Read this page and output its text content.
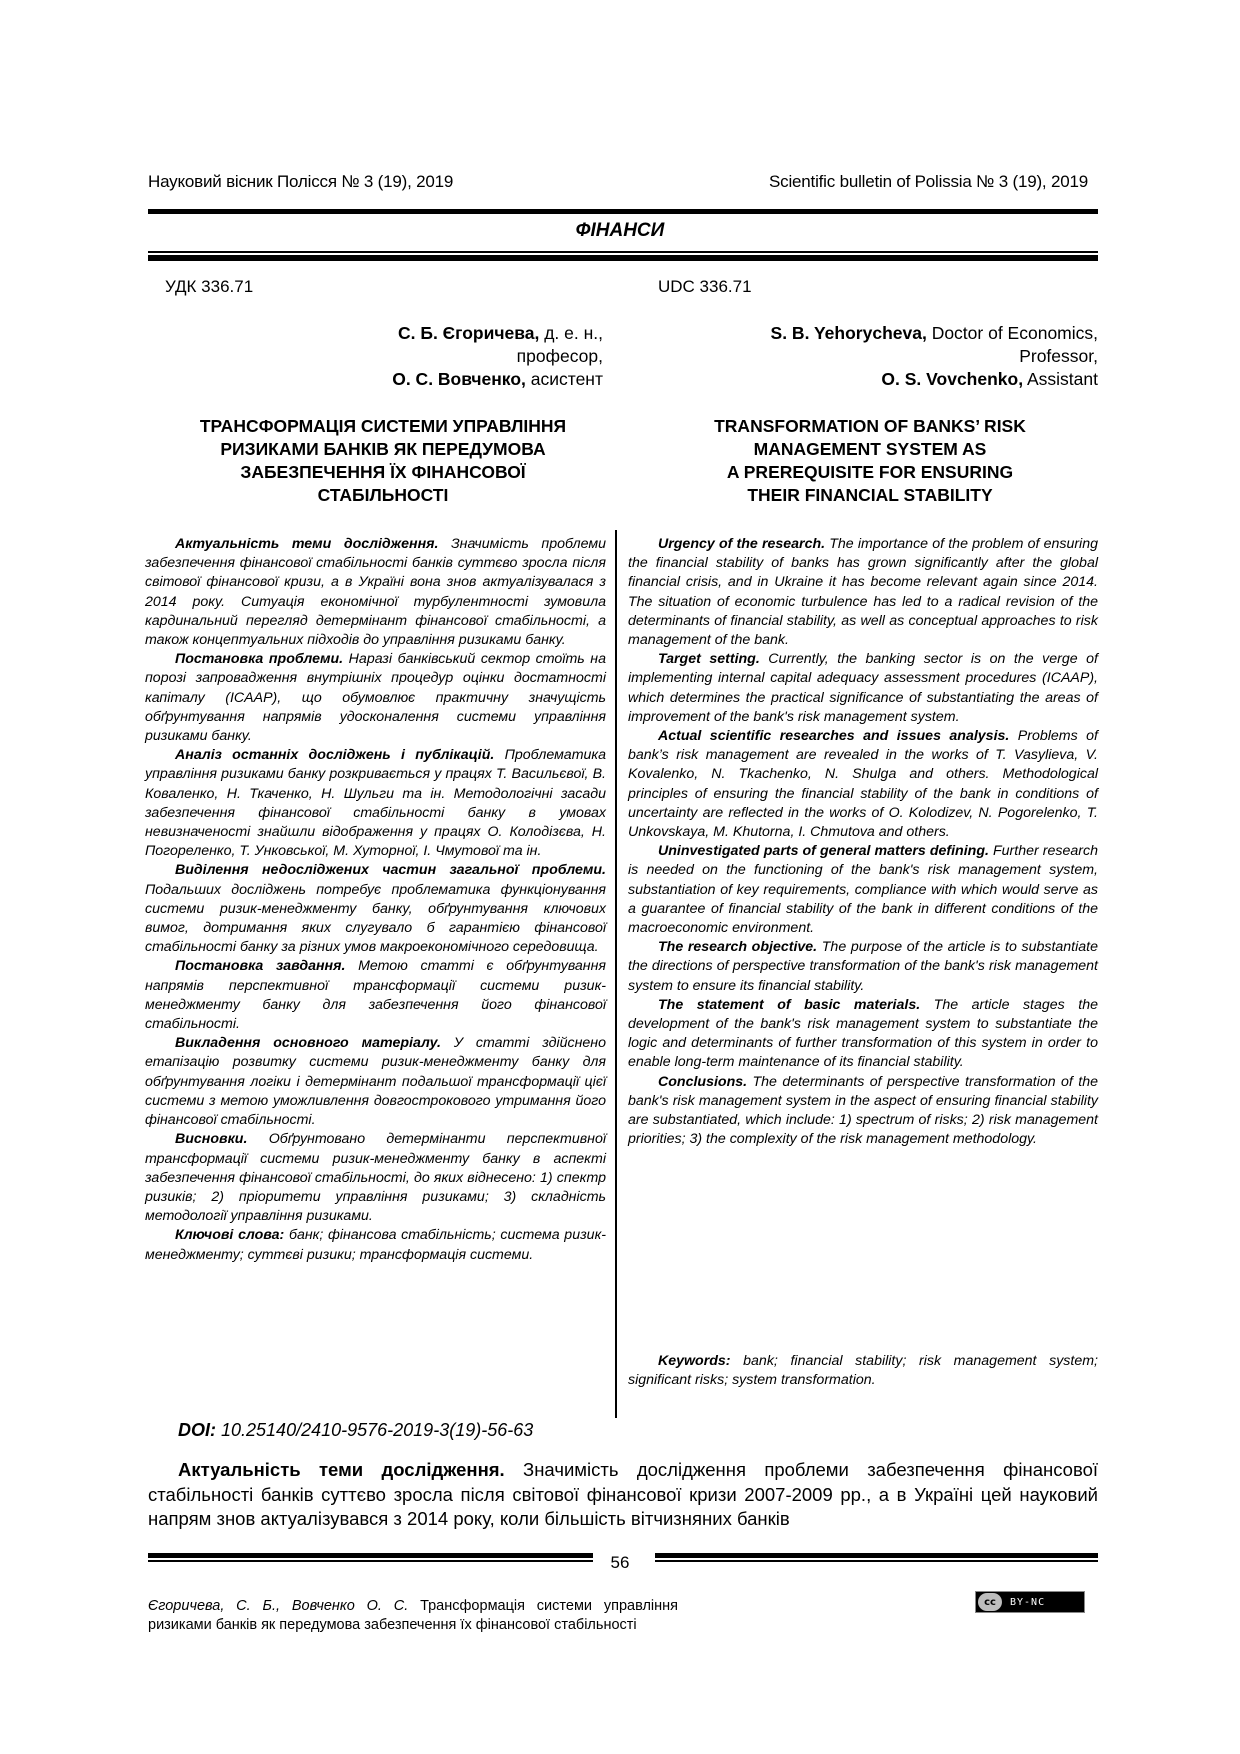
Науковий вісник Полісся № 3 (19), 2019	Scientific bulletin of Polissia № 3 (19), 2019
ФІНАНСИ
УДК 336.71
С. Б. Єгоричева, д. е. н.,
професор,
О. С. Вовченко, асистент
ТРАНСФОРМАЦІЯ СИСТЕМИ УПРАВЛІННЯ
РИЗИКАМИ БАНКІВ ЯК ПЕРЕДУМОВА
ЗАБЕЗПЕЧЕННЯ ЇХ ФІНАНСОВОЇ
СТАБІЛЬНОСТІ
UDC 336.71
S. B. Yehorycheva, Doctor of Economics,
Professor,
O. S. Vovchenko, Assistant
TRANSFORMATION OF BANKS’ RISK
MANAGEMENT SYSTEM AS
A PREREQUISITE FOR ENSURING
THEIR FINANCIAL STABILITY

Актуальність теми дослідження. Значимість проблеми забезпечення фінансової стабільності банків суттєво зросла після світової фінансової кризи, а в Україні вона знов актуалізувалася з 2014 року. Ситуація економічної турбулентності зумовила кардинальний перегляд детермінант фінансової стабільності, а також концептуальних підходів до управління ризиками банку.

Постановка проблеми. Наразі банківський сектор стоїть на порозі запровадження внутрішніх процедур оцінки достатності капіталу (ICAAP), що обумовлює практичну значущість обґрунтування напрямів удосконалення системи управління ризиками банку.

Аналіз останніх досліджень і публікацій. Проблематика управління ризиками банку розкривається у працях Т. Васильєвої, В. Коваленко, Н. Ткаченко, Н. Шульги та ін. Методологічні засади забезпечення фінансової стабільності банку в умовах невизначеності знайшли відображення у працях О. Колодізєва, Н. Погореленко, Т. Унковської, М. Хуторної, І. Чмутової та ін.

Виділення недосліджених частин загальної проблеми. Подальших досліджень потребує проблематика функціонування системи ризик-менеджменту банку, обґрунтування ключових вимог, дотримання яких слугувало б гарантією фінансової стабільності банку за різних умов макроекономічного середовища.

Постановка завдання. Метою статті є обґрунтування напрямів перспективної трансформації системи ризик-менеджменту банку для забезпечення його фінансової стабільності.

Викладення основного матеріалу. У статті здійснено етапізацію розвитку системи ризик-менеджменту банку для обґрунтування логіки і детермінант подальшої трансформації цієї системи з метою уможливлення довгострокового утримання його фінансової стабільності.

Висновки. Обґрунтовано детермінанти перспективної трансформації системи ризик-менеджменту банку в аспекті забезпечення фінансової стабільності, до яких віднесено: 1) спектр ризиків; 2) пріоритети управління ризиками; 3) складність методології управління ризиками.

Ключові слова: банк; фінансова стабільність; система ризик-менеджменту; суттєві ризики; трансформація системи.

Urgency of the research. The importance of the problem of ensuring the financial stability of banks has grown significantly after the global financial crisis, and in Ukraine it has become relevant again since 2014. The situation of economic turbulence has led to a radical revision of the determinants of financial stability, as well as conceptual approaches to risk management of the bank.

Target setting. Currently, the banking sector is on the verge of implementing internal capital adequacy assessment procedures (ICAAP), which determines the practical significance of substantiating the areas of improvement of the bank's risk management system.

Actual scientific researches and issues analysis. Problems of bank’s risk management are revealed in the works of T. Vasylieva, V. Kovalenko, N. Tkachenko, N. Shulga and others. Methodological principles of ensuring the financial stability of the bank in conditions of uncertainty are reflected in the works of O. Kolodizev, N. Pogorelenko, T. Unkovskaya, M. Khutorna, I. Chmutova and others.

Uninvestigated parts of general matters defining. Further research is needed on the functioning of the bank's risk management system, substantiation of key requirements, compliance with which would serve as a guarantee of financial stability of the bank in different conditions of the macroeconomic environment.

The research objective. The purpose of the article is to substantiate the directions of perspective transformation of the bank's risk management system to ensure its financial stability.

The statement of basic materials. The article stages the development of the bank's risk management system to substantiate the logic and determinants of further transformation of this system in order to enable long-term maintenance of its financial stability.

Conclusions. The determinants of perspective transformation of the bank's risk management system in the aspect of ensuring financial stability are substantiated, which include: 1) spectrum of risks; 2) risk management priorities; 3) the complexity of the risk management methodology.

Keywords: bank; financial stability; risk management system; significant risks; system transformation.

DOI: 10.25140/2410-9576-2019-3(19)-56-63

Актуальність теми дослідження. Значимість дослідження проблеми забезпечення фінансової стабільності банків суттєво зросла після світової фінансової кризи 2007-2009 рр., а в Україні цей науковий напрям знов актуалізувався з 2014 року, коли більшість вітчизняних банків

56
Єгоричева, С. Б., Вовченко О. С. Трансформація системи управління ризиками банків як передумова забезпечення їх фінансової стабільності
cc	BY-NC
